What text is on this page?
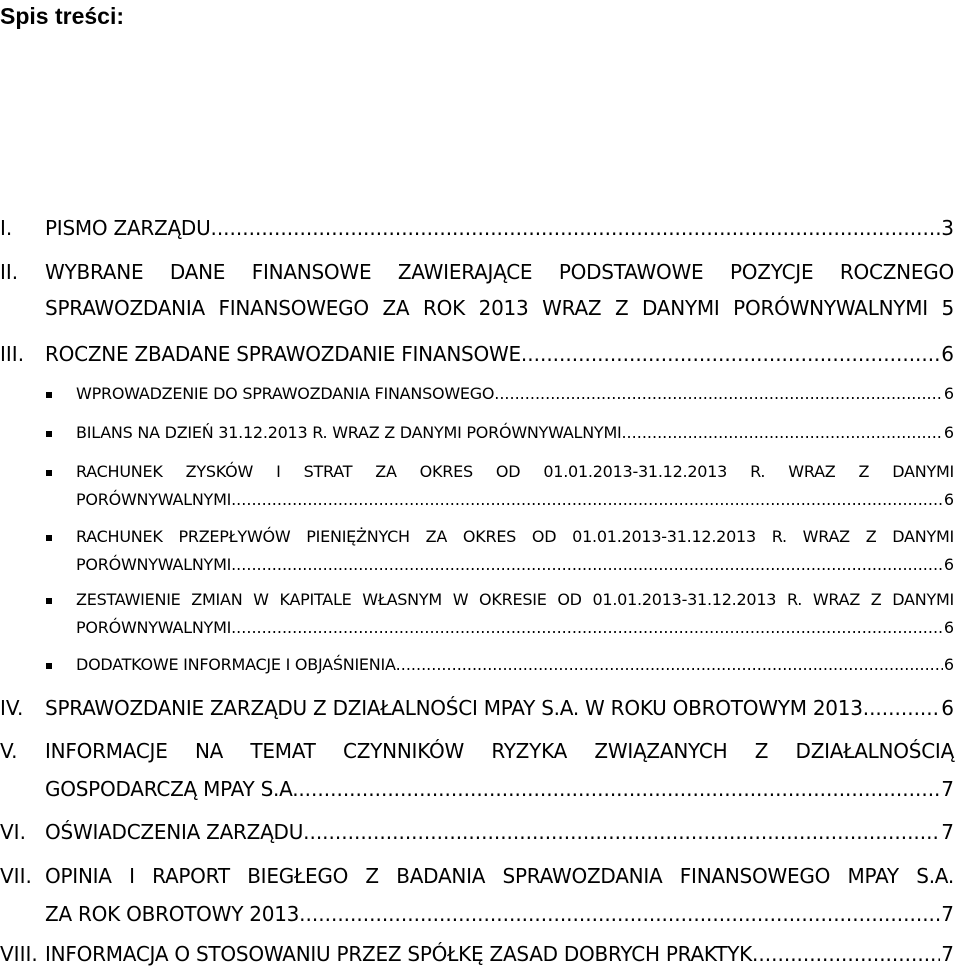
Spis treści:
I. PISMO ZARZĄDU .....	3
II. WYBRANE DANE FINANSOWE ZAWIERAJĄCE PODSTAWOWE POZYCJE ROCZNEGO
SPRAWOZDANIA FINANSOWEGO ZA ROK 2013 WRAZ Z DANYMI PORÓWNYWALNYMI 5
III. ROCZNE ZBADANE SPRAWOZDANIE FINANSOWE .....	6
WPROWADZENIE DO SPRAWOZDANIA FINANSOWEGO .....	6
BILANS NA DZIEŃ 31.12.2013 R. WRAZ Z DANYMI PORÓWNYWALNYMI .....	6
RACHUNEK ZYSKÓW I STRAT ZA OKRES OD 01.01.2013-31.12.2013 R. WRAZ Z DANYMI
PORÓWNYWALNYMI .....	6
RACHUNEK PRZEPŁYWÓW PIENIĘŻNYCH ZA OKRES OD 01.01.2013-31.12.2013 R. WRAZ Z DANYMI
PORÓWNYWALNYMI .....	6
ZESTAWIENIE ZMIAN W KAPITALE WŁASNYM W OKRESIE OD 01.01.2013-31.12.2013 R. WRAZ Z DANYMI
PORÓWNYWALNYMI .....	6
DODATKOWE INFORMACJE I OBJAŚNIENIA .....	6
IV. SPRAWOZDANIE ZARZĄDU Z DZIAŁALNOŚCI MPAY S.A. W ROKU OBROTOWYM 2013 .....	6
V. INFORMACJE NA TEMAT CZYNNIKÓW RYZYKA ZWIĄZANYCH Z DZIAŁALNOŚCIĄ
GOSPODARCZĄ MPAY S.A. .....	7
VI. OŚWIADCZENIA ZARZĄDU .....	7
VII. OPINIA I RAPORT BIEGŁEGO Z BADANIA SPRAWOZDANIA FINANSOWEGO MPAY S.A.
ZA ROK OBROTOWY 2013 .....	7
VIII. INFORMACJA O STOSOWANIU PRZEZ SPÓŁKĘ ZASAD DOBRYCH PRAKTYK .....	7
